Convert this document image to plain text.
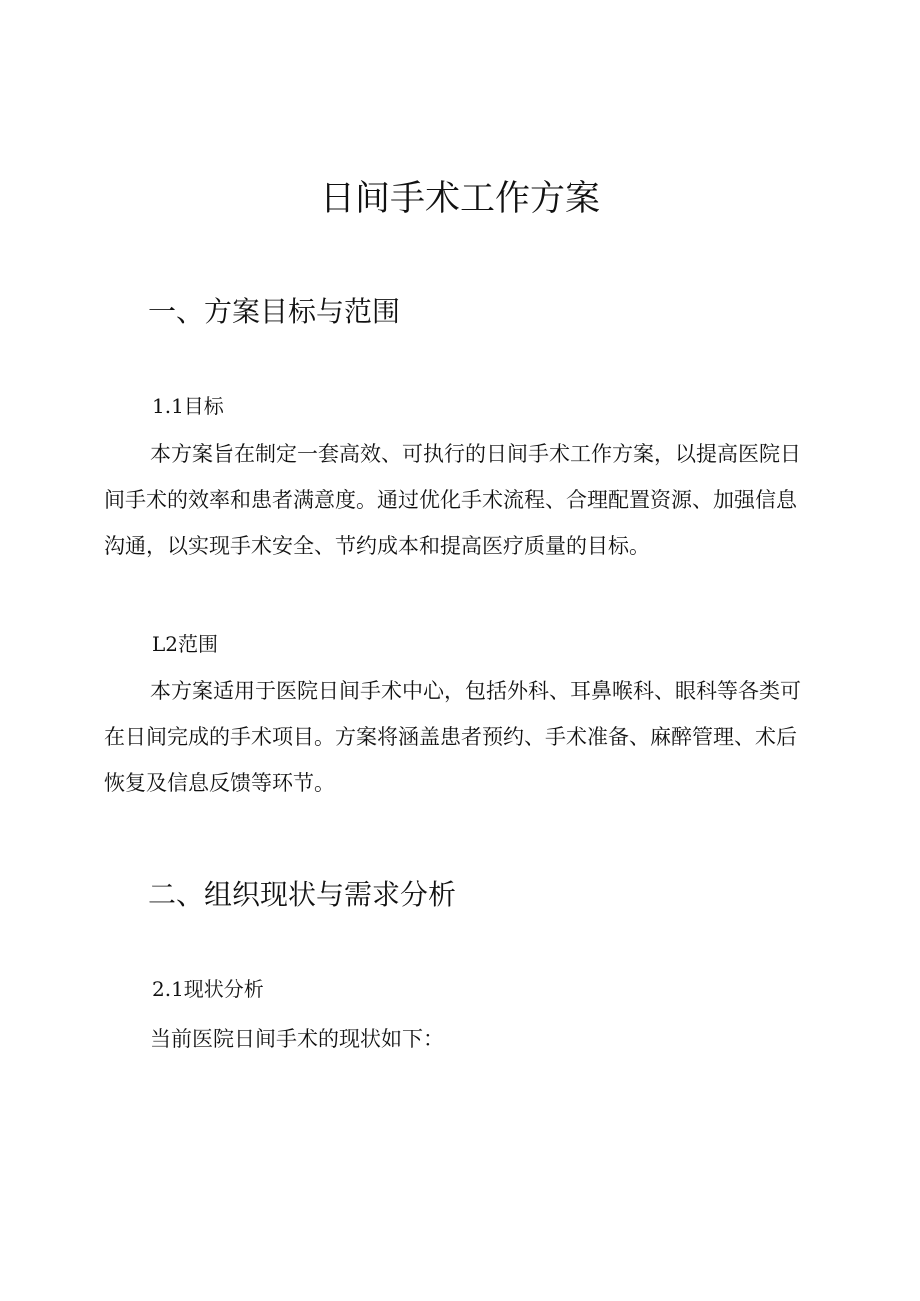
日间手术工作方案
一、方案目标与范围
1.1目标
本方案旨在制定一套高效、可执行的日间手术工作方案，以提高医院日
间手术的效率和患者满意度。通过优化手术流程、合理配置资源、加强信息
沟通，以实现手术安全、节约成本和提高医疗质量的目标。
L2范围
本方案适用于医院日间手术中心，包括外科、耳鼻喉科、眼科等各类可
在日间完成的手术项目。方案将涵盖患者预约、手术准备、麻醉管理、术后
恢复及信息反馈等环节。
二、组织现状与需求分析
2.1现状分析
当前医院日间手术的现状如下：
